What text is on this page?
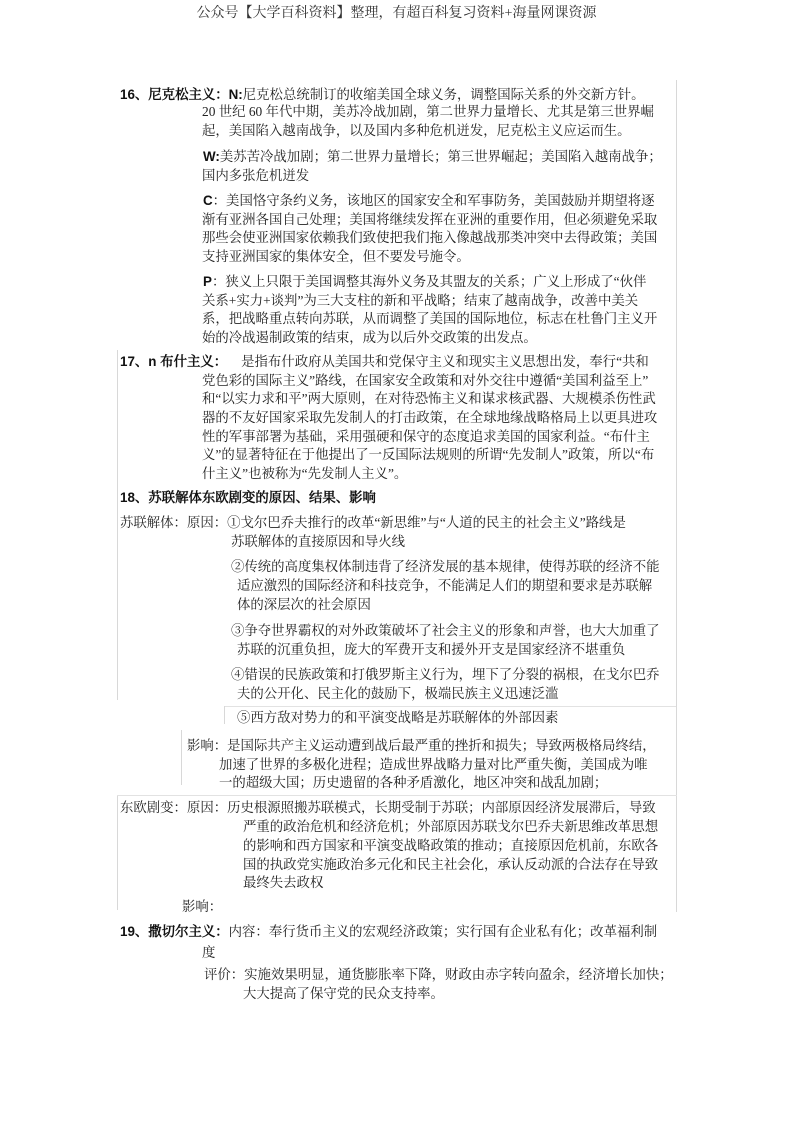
公众号【大学百科资料】整理，有超百科复习资料+海量网课资源
16、尼克松主义：N:尼克松总统制订的收缩美国全球义务，调整国际关系的外交新方针。
20 世纪 60 年代中期，美苏冷战加剧，第二世界力量增长、尤其是第三世界崛
起，美国陷入越南战争，以及国内多种危机迸发，尼克松主义应运而生。
W:美苏苦冷战加剧；第二世界力量增长；第三世界崛起；美国陷入越南战争；
国内多张危机迸发
C：美国恪守条约义务，该地区的国家安全和军事防务，美国鼓励并期望将逐
渐有亚洲各国自己处理；美国将继续发挥在亚洲的重要作用，但必须避免采取
那些会使亚洲国家依赖我们致使把我们拖入像越战那类冲突中去得政策；美国
支持亚洲国家的集体安全，但不要发号施令。
P：狭义上只限于美国调整其海外义务及其盟友的关系；广义上形成了“伙伴
关系+实力+谈判”为三大支柱的新和平战略；结束了越南战争，改善中美关
系，把战略重点转向苏联，从而调整了美国的国际地位，标志在杜鲁门主义开
始的冷战遏制政策的结束，成为以后外交政策的出发点。
17、n 布什主义： 是指布什政府从美国共和党保守主义和现实主义思想出发，奉行“共和
党色彩的国际主义”路线，在国家安全政策和对外交往中遵循“美国利益至上”
和“以实力求和平”两大原则，在对待恐怖主义和谋求核武器、大规模杀伤性武
器的不友好国家采取先发制人的打击政策，在全球地缘战略格局上以更具进攻
性的军事部署为基础，采用强硬和保守的态度追求美国的国家利益。“布什主
义”的显著特征在于他提出了一反国际法规则的所谓“先发制人”政策，所以“布
什主义”也被称为“先发制人主义”。
18、苏联解体东欧剧变的原因、结果、影响
苏联解体：原因：①戈尔巴乔夫推行的改革“新思维”与“人道的民主的社会主义”路线是
苏联解体的直接原因和导火线
②传统的高度集权体制违背了经济发展的基本规律，使得苏联的经济不能
适应激烈的国际经济和科技竞争，不能满足人们的期望和要求是苏联解
体的深层次的社会原因
③争夺世界霸权的对外政策破坏了社会主义的形象和声誉，也大大加重了
苏联的沉重负担，庞大的军费开支和援外开支是国家经济不堪重负
④错误的民族政策和打俄罗斯主义行为，埋下了分裂的祸根，在戈尔巴乔
夫的公开化、民主化的鼓励下，极端民族主义迅速泛滥
⑤西方敌对势力的和平演变战略是苏联解体的外部因素
影响：是国际共产主义运动遭到战后最严重的挫折和损失；导致两极格局终结，
加速了世界的多极化进程；造成世界战略力量对比严重失衡，美国成为唯
一的超级大国；历史遗留的各种矛盾激化，地区冲突和战乱加剧；
东欧剧变：原因：历史根源照搬苏联模式，长期受制于苏联；内部原因经济发展滞后，导致
严重的政治危机和经济危机；外部原因苏联戈尔巴乔夫新思维改革思想
的影响和西方国家和平演变战略政策的推动；直接原因危机前，东欧各
国的执政党实施政治多元化和民主社会化，承认反动派的合法存在导致
最终失去政权
影响：
19、撒切尔主义：内容：奉行货币主义的宏观经济政策；实行国有企业私有化；改革福利制
度
评价：实施效果明显，通货膨胀率下降，财政由赤字转向盈余，经济增长加快；
大大提高了保守党的民众支持率。
